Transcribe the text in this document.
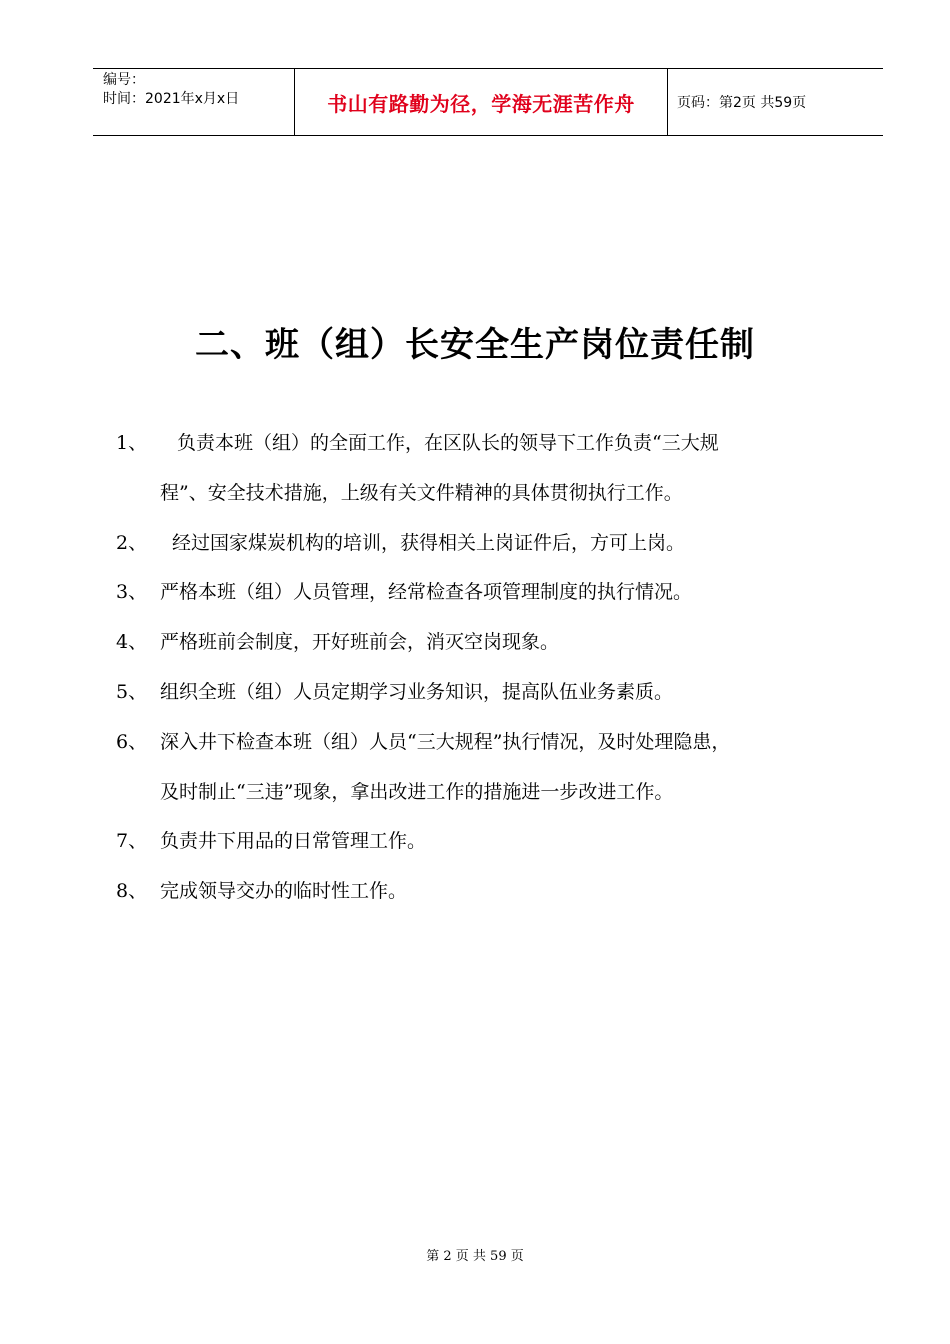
编号：
时间：2021年x月x日	书山有路勤为径，学海无涯苦作舟	页码：第2页 共59页
二、班（组）长安全生产岗位责任制
1、	负责本班（组）的全面工作，在区队长的领导下工作负责“三大规
程”、安全技术措施，上级有关文件精神的具体贯彻执行工作。
2、	经过国家煤炭机构的培训，获得相关上岗证件后，方可上岗。
3、 严格本班（组）人员管理，经常检查各项管理制度的执行情况。
4、 严格班前会制度，开好班前会，消灭空岗现象。
5、 组织全班（组）人员定期学习业务知识，提高队伍业务素质。
6、 深入井下检查本班（组）人员“三大规程”执行情况，及时处理隐患，
及时制止“三违”现象，拿出改进工作的措施进一步改进工作。
7、 负责井下用品的日常管理工作。
8、 完成领导交办的临时性工作。
第 2 页 共 59 页
